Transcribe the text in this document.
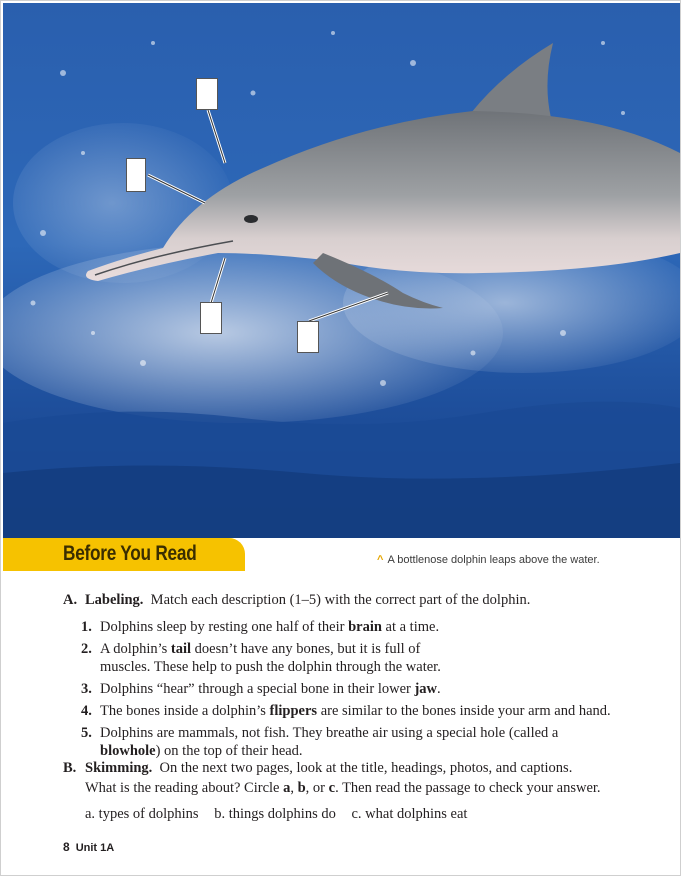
Before You Read	^ A bottlenose dolphin leaps above the water.
A. Labeling. Match each description (1–5) with the correct part of the dolphin.
1. Dolphins sleep by resting one half of their brain at a time.
2. A dolphin’s tail doesn’t have any bones, but it is full of muscles. These help to push the dolphin through the water.
3. Dolphins “hear” through a special bone in their lower jaw.
4. The bones inside a dolphin’s flippers are similar to the bones inside your arm and hand.
5. Dolphins are mammals, not fish. They breathe air using a special hole (called a blowhole) on the top of their head.
B. Skimming. On the next two pages, look at the title, headings, photos, and captions.
What is the reading about? Circle a, b, or c. Then read the passage to check your answer.
a. types of dolphins b. things dolphins do c. what dolphins eat
8 Unit 1A
